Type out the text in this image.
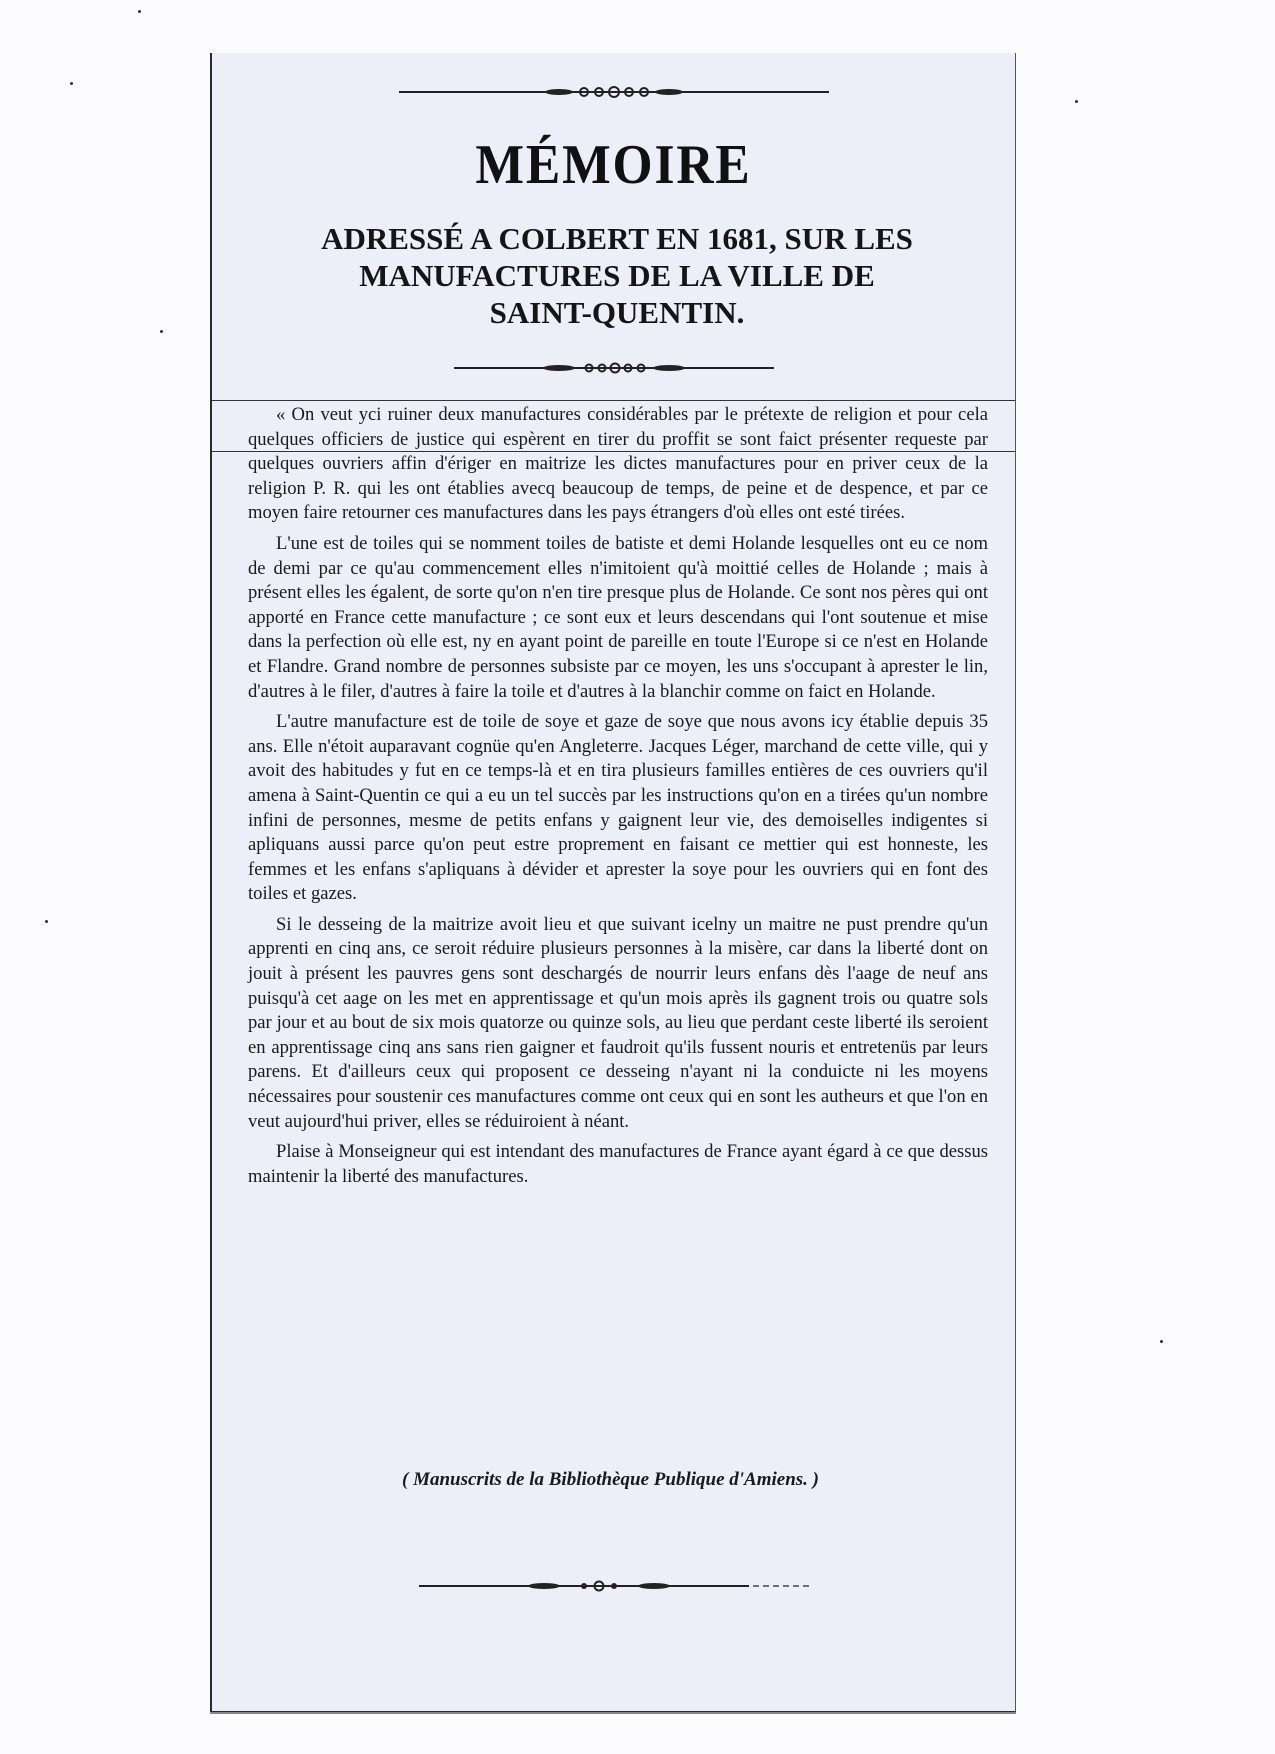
MÉMOIRE
ADRESSÉ A COLBERT EN 1681, SUR LES
MANUFACTURES DE LA VILLE DE
SAINT-QUENTIN.

« On veut yci ruiner deux manufactures considérables par le prétexte de religion et pour cela quelques officiers de justice qui espèrent en tirer du proffit se sont faict présenter requeste par quelques ouvriers affin d'ériger en maitrize les dictes manufactures pour en priver ceux de la religion P. R. qui les ont établies avecq beaucoup de temps, de peine et de despence, et par ce moyen faire retourner ces manufactures dans les pays étrangers d'où elles ont esté tirées.

L'une est de toiles qui se nomment toiles de batiste et demi Holande lesquelles ont eu ce nom de demi par ce qu'au commencement elles n'imitoient qu'à moittié celles de Holande ; mais à présent elles les égalent, de sorte qu'on n'en tire presque plus de Holande. Ce sont nos pères qui ont apporté en France cette manufacture ; ce sont eux et leurs descendans qui l'ont soutenue et mise dans la perfection où elle est, ny en ayant point de pareille en toute l'Europe si ce n'est en Holande et Flandre. Grand nombre de personnes subsiste par ce moyen, les uns s'occupant à aprester le lin, d'autres à le filer, d'autres à faire la toile et d'autres à la blanchir comme on faict en Holande.

L'autre manufacture est de toile de soye et gaze de soye que nous avons icy établie depuis 35 ans. Elle n'étoit auparavant cognüe qu'en Angleterre. Jacques Léger, marchand de cette ville, qui y avoit des habitudes y fut en ce temps-là et en tira plusieurs familles entières de ces ouvriers qu'il amena à Saint-Quentin ce qui a eu un tel succès par les instructions qu'on en a tirées qu'un nombre infini de personnes, mesme de petits enfans y gaignent leur vie, des demoiselles indigentes si apliquans aussi parce qu'on peut estre proprement en faisant ce mettier qui est honneste, les femmes et les enfans s'apliquans à dévider et aprester la soye pour les ouvriers qui en font des toiles et gazes.

Si le desseing de la maitrize avoit lieu et que suivant icelny un maitre ne pust prendre qu'un apprenti en cinq ans, ce seroit réduire plusieurs personnes à la misère, car dans la liberté dont on jouit à présent les pauvres gens sont deschargés de nourrir leurs enfans dès l'aage de neuf ans puisqu'à cet aage on les met en apprentissage et qu'un mois après ils gagnent trois ou quatre sols par jour et au bout de six mois quatorze ou quinze sols, au lieu que perdant ceste liberté ils seroient en apprentissage cinq ans sans rien gaigner et faudroit qu'ils fussent nouris et entretenüs par leurs parens. Et d'ailleurs ceux qui proposent ce desseing n'ayant ni la conduicte ni les moyens nécessaires pour soustenir ces manufactures comme ont ceux qui en sont les autheurs et que l'on en veut aujourd'hui priver, elles se réduiroient à néant.

Plaise à Monseigneur qui est intendant des manufactures de France ayant égard à ce que dessus maintenir la liberté des manufactures.

( Manuscrits de la Bibliothèque Publique d'Amiens. )
